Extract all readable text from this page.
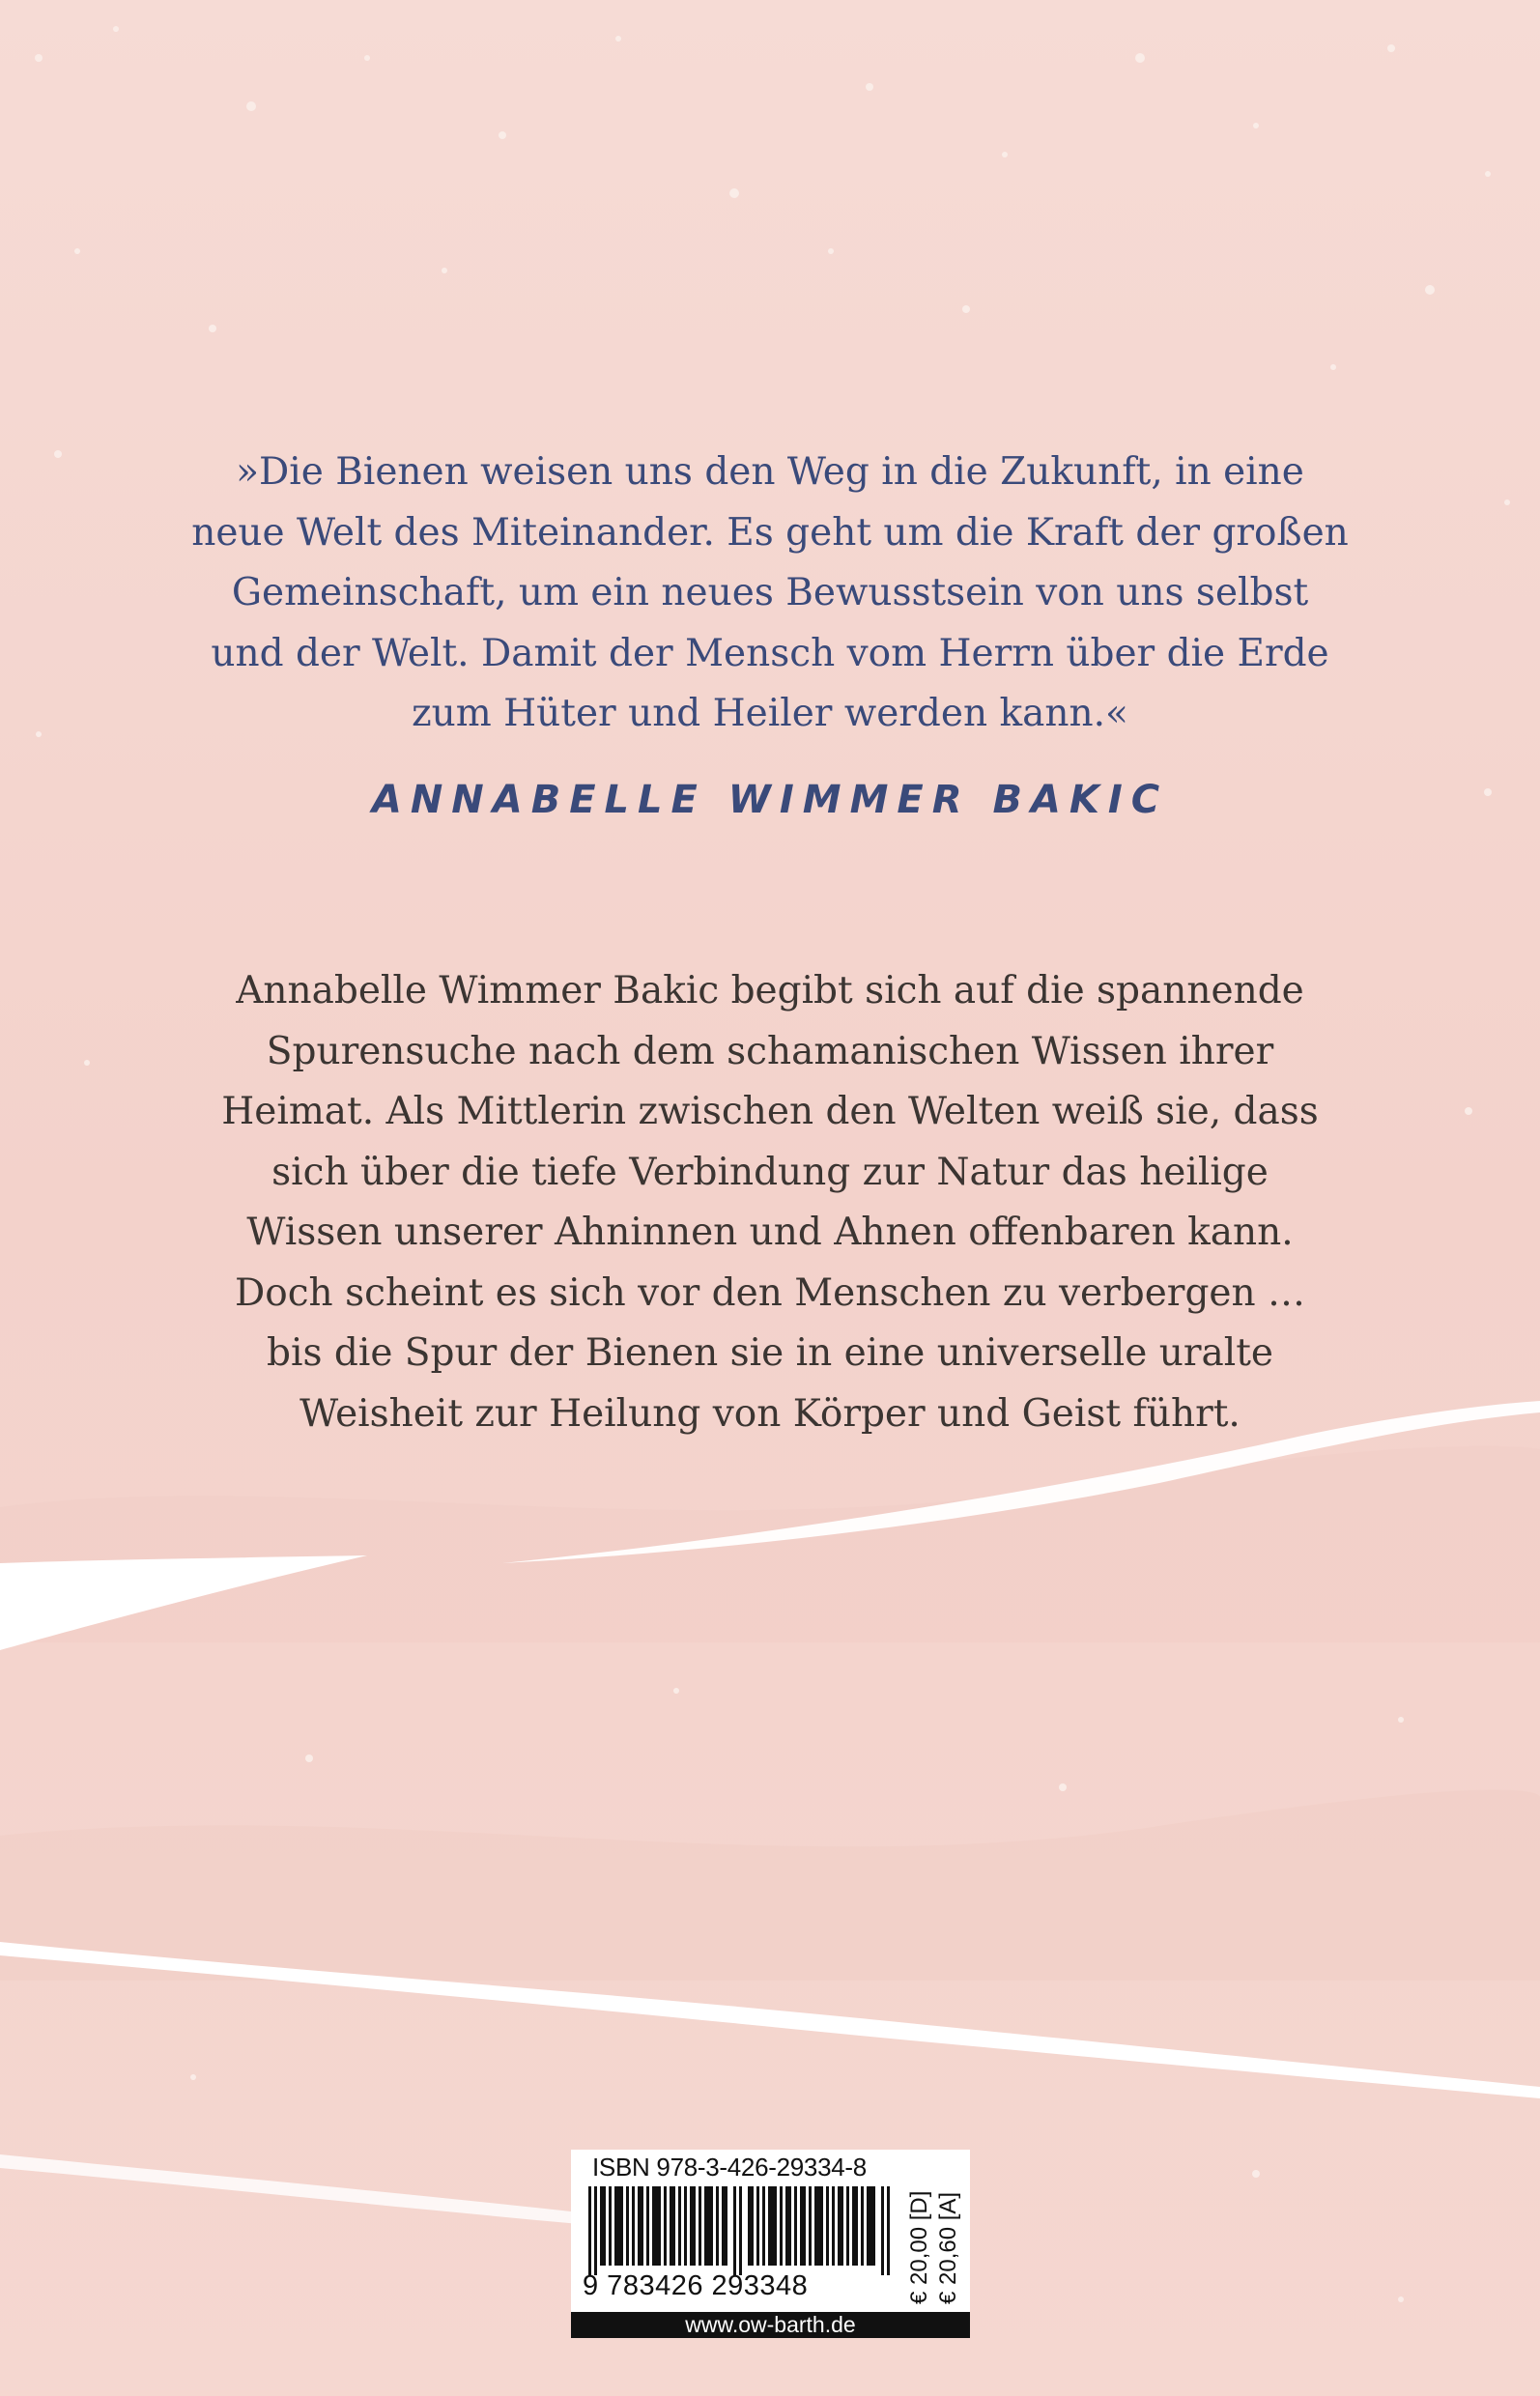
»Die Bienen weisen uns den Weg in die Zukunft, in eine
neue Welt des Miteinander. Es geht um die Kraft der großen
Gemeinschaft, um ein neues Bewusstsein von uns selbst
und der Welt. Damit der Mensch vom Herrn über die Erde
zum Hüter und Heiler werden kann.«
ANNABELLE WIMMER BAKIC
Annabelle Wimmer Bakic begibt sich auf die spannende
Spurensuche nach dem schamanischen Wissen ihrer
Heimat. Als Mittlerin zwischen den Welten weiß sie, dass
sich über die tiefe Verbindung zur Natur das heilige
Wissen unserer Ahninnen und Ahnen offenbaren kann.
Doch scheint es sich vor den Menschen zu verbergen …
bis die Spur der Bienen sie in eine universelle uralte
Weisheit zur Heilung von Körper und Geist führt.
ISBN 978-3-426-29334-8
9 783426 293348	€ 20,00 [D] € 20,60 [A]
www.ow-barth.de
